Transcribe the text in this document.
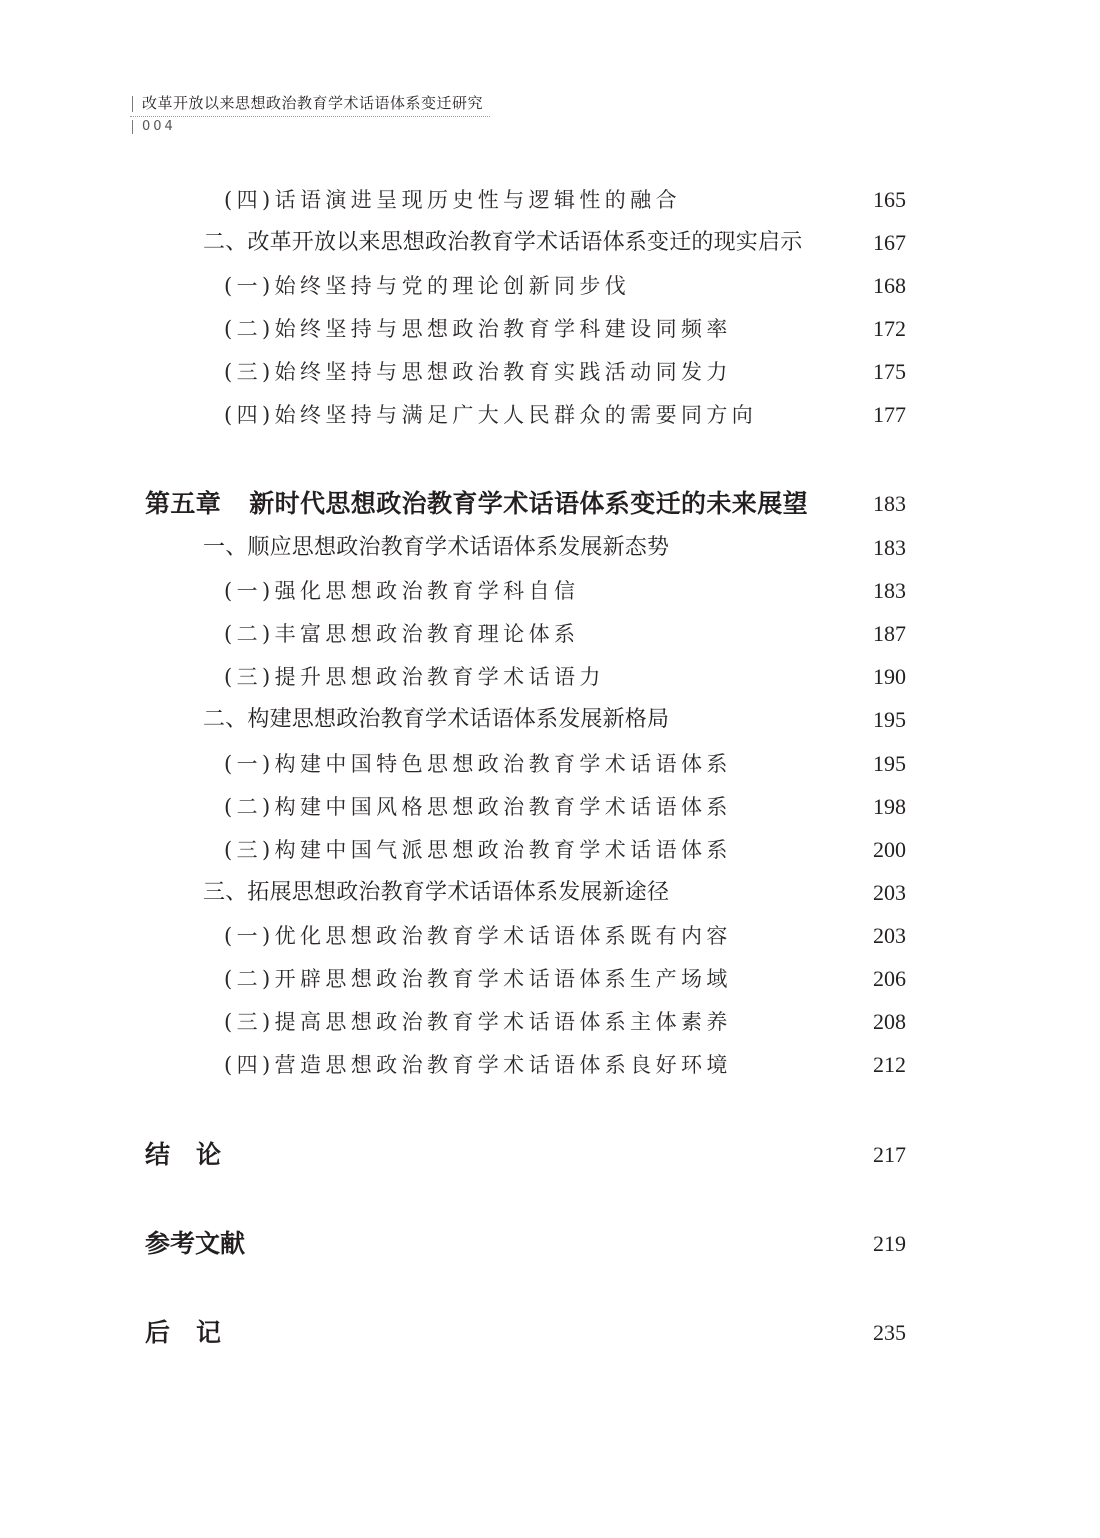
改革开放以来思想政治教育学术话语体系变迁研究
004
(四)话语演进呈现历史性与逻辑性的融合	165
二、改革开放以来思想政治教育学术话语体系变迁的现实启示	167
(一)始终坚持与党的理论创新同步伐	168
(二)始终坚持与思想政治教育学科建设同频率	172
(三)始终坚持与思想政治教育实践活动同发力	175
(四)始终坚持与满足广大人民群众的需要同方向	177
第五章 新时代思想政治教育学术话语体系变迁的未来展望	183
一、顺应思想政治教育学术话语体系发展新态势	183
(一)强化思想政治教育学科自信	183
(二)丰富思想政治教育理论体系	187
(三)提升思想政治教育学术话语力	190
二、构建思想政治教育学术话语体系发展新格局	195
(一)构建中国特色思想政治教育学术话语体系	195
(二)构建中国风格思想政治教育学术话语体系	198
(三)构建中国气派思想政治教育学术话语体系	200
三、拓展思想政治教育学术话语体系发展新途径	203
(一)优化思想政治教育学术话语体系既有内容	203
(二)开辟思想政治教育学术话语体系生产场域	206
(三)提高思想政治教育学术话语体系主体素养	208
(四)营造思想政治教育学术话语体系良好环境	212
结论	217
参考文献	219
后记	235
